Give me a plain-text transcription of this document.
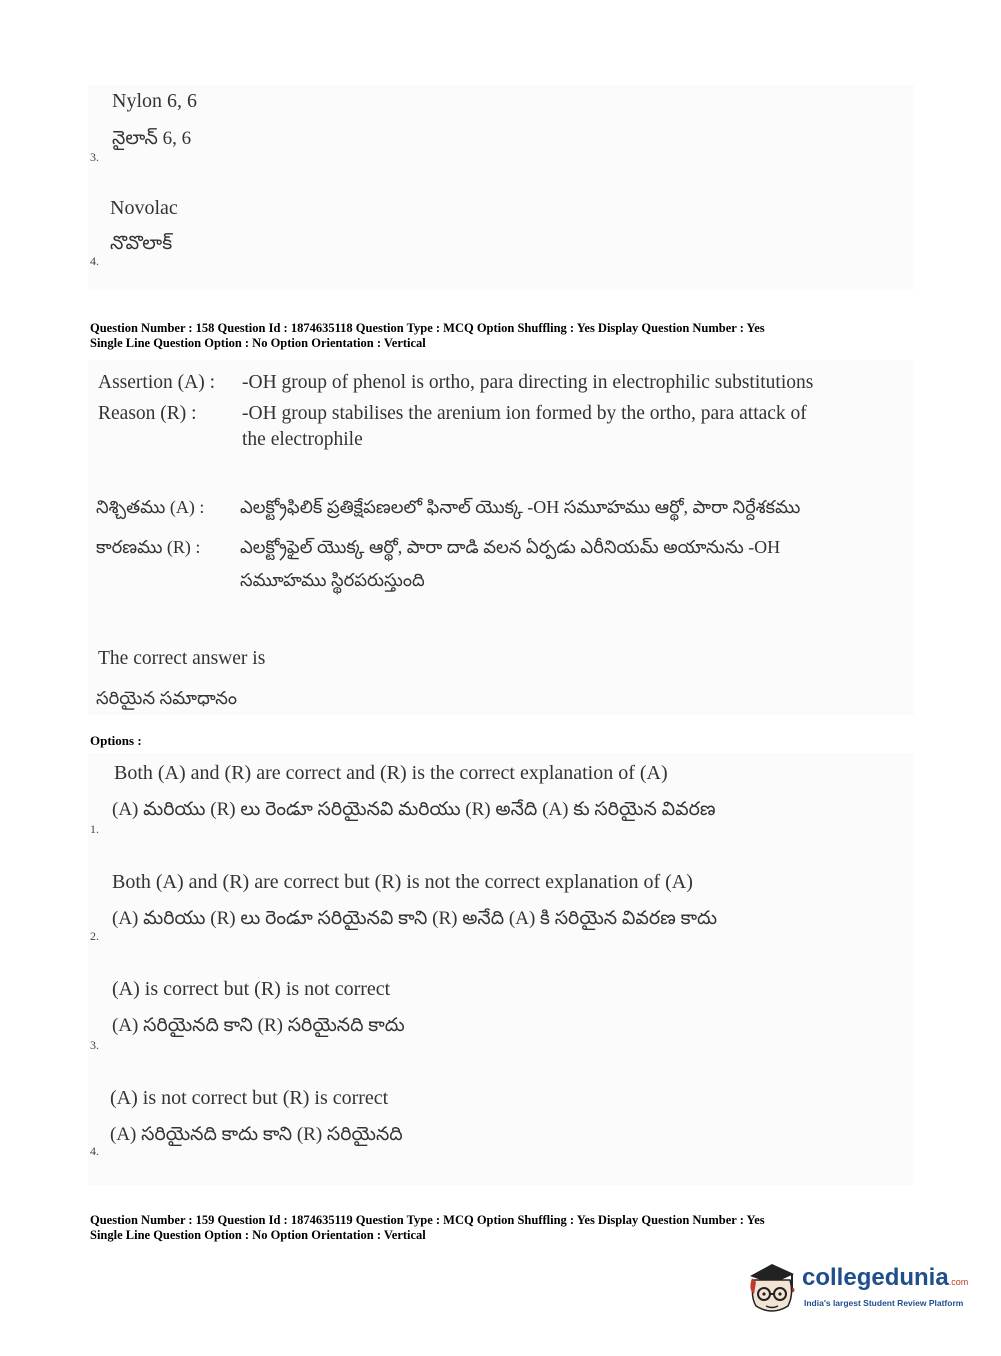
Nylon 6, 6
నైలాన్ 6, 6
3.
Novolac
నొవొలాక్
4.
Question Number : 158 Question Id : 1874635118 Question Type : MCQ Option Shuffling : Yes Display Question Number : Yes
Single Line Question Option : No Option Orientation : Vertical
Assertion (A) : -OH group of phenol is ortho, para directing in electrophilic substitutions
Reason (R) : -OH group stabilises the arenium ion formed by the ortho, para attack of
the electrophile
నిశ్చితము (A) : ఎలక్ట్రోఫిలిక్ ప్రతిక్షేపణలలో ఫినాల్ యొక్క -OH సమూహము ఆర్థో, పారా నిర్దేశకము
కారణము (R) : ఎలక్ట్రోఫైల్ యొక్క ఆర్థో, పారా దాడి వలన ఏర్పడు ఎరీనియమ్ అయానును -OH
సమూహము స్థిరపరుస్తుంది
The correct answer is
సరియైన సమాధానం
Options :
Both (A) and (R) are correct and (R) is the correct explanation of (A)
(A) మరియు (R) లు రెండూ సరియైనవి మరియు (R) అనేది (A) కు సరియైన వివరణ
1.
Both (A) and (R) are correct but (R) is not the correct explanation of (A)
(A) మరియు (R) లు రెండూ సరియైనవి కాని (R) అనేది (A) కి సరియైన వివరణ కాదు
2.
(A) is correct but (R) is not correct
(A) సరియైనది కాని (R) సరియైనది కాదు
3.
(A) is not correct but (R) is correct
(A) సరియైనది కాదు కాని (R) సరియైనది
4.
Question Number : 159 Question Id : 1874635119 Question Type : MCQ Option Shuffling : Yes Display Question Number : Yes
Single Line Question Option : No Option Orientation : Vertical
collegedunia.com
India's largest Student Review Platform
